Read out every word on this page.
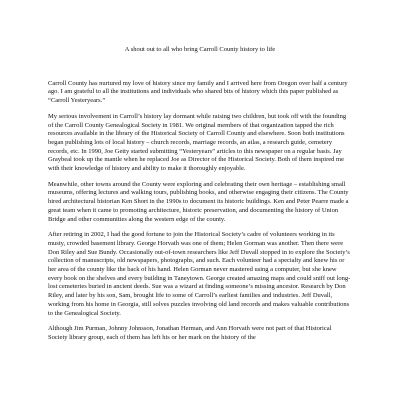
A shout out to all who bring Carroll County history to life

Carroll County has nurtured my love of history since my family and I arrived here from Oregon over half a century ago. I am grateful to all the institutions and individuals who shared bits of history which this paper published as “Carroll Yesteryears.”

My serious involvement in Carroll’s history lay dormant while raising two children, but took off with the founding of the Carroll County Genealogical Society in 1981. We original members of that organization tapped the rich resources available in the library of the Historical Society of Carroll County and elsewhere. Soon both institutions began publishing lots of local history – church records, marriage records, an atlas, a research guide, cemetery records, etc. In 1990, Joe Getty started submitting “Yesteryears” articles to this newspaper on a regular basis. Jay Graybeal took up the mantle when he replaced Joe as Director of the Historical Society. Both of them inspired me with their knowledge of history and ability to make it thoroughly enjoyable.

Meanwhile, other towns around the County were exploring and celebrating their own heritage – establishing small museums, offering lectures and walking tours, publishing books, and otherwise engaging their citizens. The County hired architectural historian Ken Short in the 1990s to document its historic buildings. Ken and Peter Pearre made a great team when it came to promoting architecture, historic preservation, and documenting the history of Union Bridge and other communities along the western edge of the county.

After retiring in 2002, I had the good fortune to join the Historical Society’s cadre of volunteers working in its musty, crowded basement library. George Horvath was one of them; Helen Gorman was another. Then there were Don Riley and Sue Bundy. Occasionally out-of-town researchers like Jeff Duvall stopped in to explore the Society’s collection of manuscripts, old newspapers, photographs, and such. Each volunteer had a specialty and knew his or her area of the county like the back of his hand. Helen Gorman never mastered using a computer, but she knew every book on the shelves and every building in Taneytown. George created amazing maps and could sniff out long-lost cemeteries buried in ancient deeds. Sue was a wizard at finding someone’s missing ancestor. Research by Don Riley, and later by his son, Sam, brought life to some of Carroll’s earliest families and industries. Jeff Duvall, working from his home in Georgia, still solves puzzles involving old land records and makes valuable contributions to the Genealogical Society.

Although Jim Purman, Johnny Johnsson, Jonathan Herman, and Ann Horvath were not part of that Historical Society library group, each of them has left his or her mark on the history of the
